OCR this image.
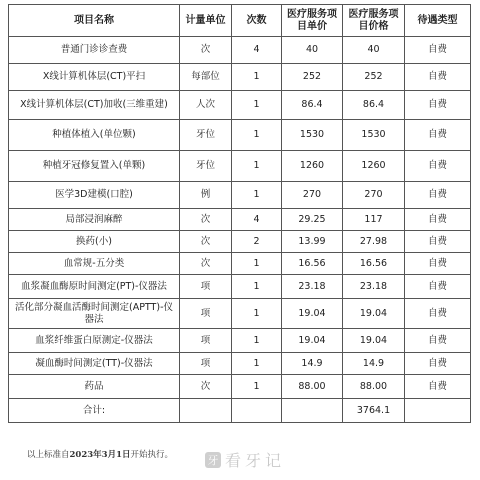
项目名称	计量单位	次数	医疗服务项目单价	医疗服务项目价格	待遇类型
普通门诊诊查费	次	4	40	40	自费
X线计算机体层(CT)平扫	每部位	1	252	252	自费
X线计算机体层(CT)加收(三维重建)	人次	1	86.4	86.4	自费
种植体植入(单位颗)	牙位	1	1530	1530	自费
种植牙冠修复置入(单颗)	牙位	1	1260	1260	自费
医学3D建模(口腔)	例	1	270	270	自费
局部浸润麻醉	次	4	29.25	117	自费
换药(小)	次	2	13.99	27.98	自费
血常规-五分类	次	1	16.56	16.56	自费
血浆凝血酶原时间测定(PT)-仪器法	项	1	23.18	23.18	自费
活化部分凝血活酶时间测定(APTT)-仪器法	项	1	19.04	19.04	自费
血浆纤维蛋白原测定-仪器法	项	1	19.04	19.04	自费
凝血酶时间测定(TT)-仪器法	项	1	14.9	14.9	自费
药品	次	1	88.00	88.00	自费
合计:				3764.1	
以上标准自2023年3月1日开始执行。	牙 看牙记
